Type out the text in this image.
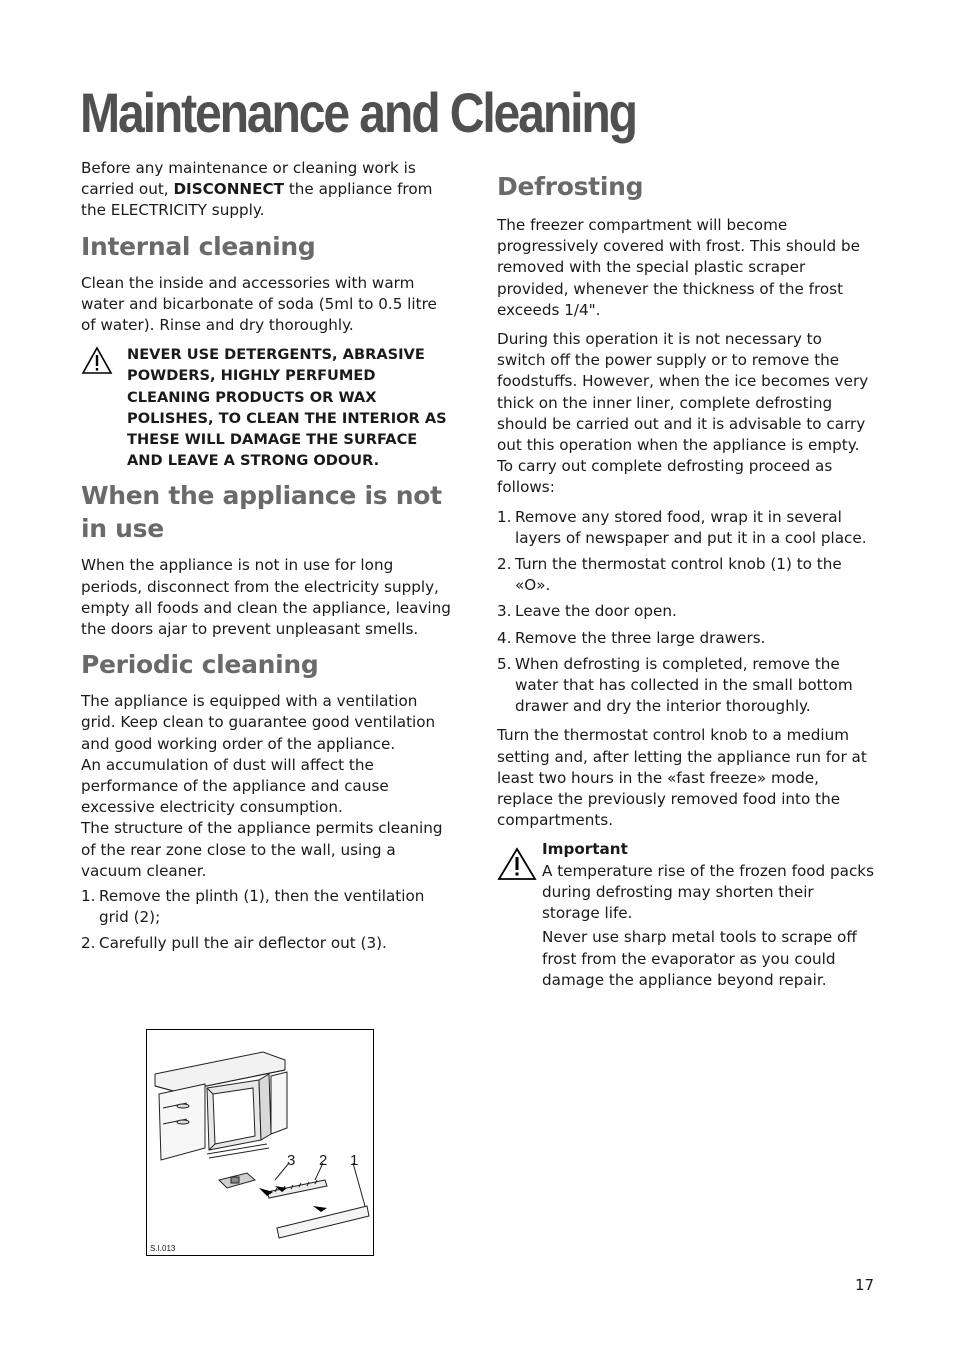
Maintenance and Cleaning

Before any maintenance or cleaning work is carried out, DISCONNECT the appliance from the ELECTRICITY supply.

Internal cleaning

Clean the inside and accessories with warm water and bicarbonate of soda (5ml to 0.5 litre of water). Rinse and dry thoroughly.

NEVER USE DETERGENTS, ABRASIVE POWDERS, HIGHLY PERFUMED CLEANING PRODUCTS OR WAX POLISHES, TO CLEAN THE INTERIOR AS THESE WILL DAMAGE THE SURFACE AND LEAVE A STRONG ODOUR.
When the appliance is not in use

When the appliance is not in use for long periods, disconnect from the electricity supply, empty all foods and clean the appliance, leaving the doors ajar to prevent unpleasant smells.

Periodic cleaning

The appliance is equipped with a ventilation grid. Keep clean to guarantee good ventilation and good working order of the appliance.

An accumulation of dust will affect the performance of the appliance and cause excessive electricity consumption.

The structure of the appliance permits cleaning of the rear zone close to the wall, using a vacuum cleaner.

1. Remove the plinth (1), then the ventilation grid (2);
2. Carefully pull the air deflector out (3).
Defrosting

The freezer compartment will become progressively covered with frost. This should be removed with the special plastic scraper provided, whenever the thickness of the frost exceeds 1/4".

During this operation it is not necessary to switch off the power supply or to remove the foodstuffs. However, when the ice becomes very thick on the inner liner, complete defrosting should be carried out and it is advisable to carry out this operation when the appliance is empty.

To carry out complete defrosting proceed as follows:

1. Remove any stored food, wrap it in several layers of newspaper and put it in a cool place.
2. Turn the thermostat control knob (1) to the «O».
3. Leave the door open.
4. Remove the three large drawers.
5. When defrosting is completed, remove the water that has collected in the small bottom drawer and dry the interior thoroughly.

Turn the thermostat control knob to a medium setting and, after letting the appliance run for at least two hours in the «fast freeze» mode, replace the previously removed food into the compartments.

Important

A temperature rise of the frozen food packs during defrosting may shorten their storage life.

Never use sharp metal tools to scrape off frost from the evaporator as you could damage the appliance beyond repair.

3 2 1
S.I.013
17
